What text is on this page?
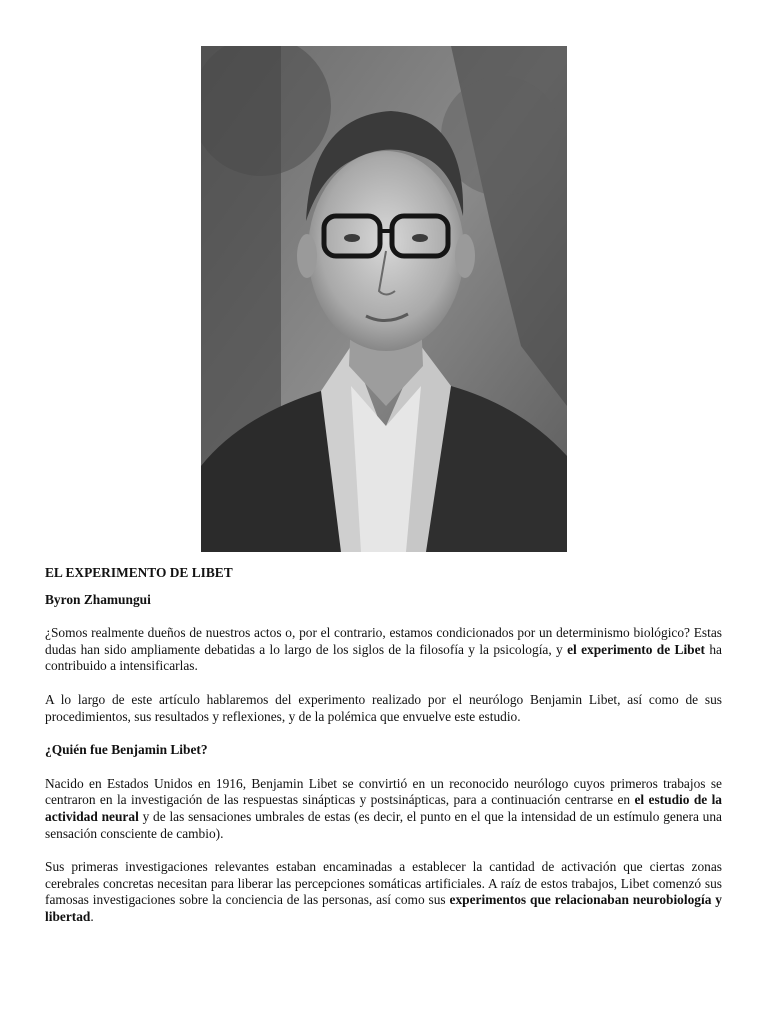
EL EXPERIMENTO DE LIBET

Byron Zhamungui

¿Somos realmente dueños de nuestros actos o, por el contrario, estamos condicionados por un determinismo biológico? Estas dudas han sido ampliamente debatidas a lo largo de los siglos de la filosofía y la psicología, y el experimento de Libet ha contribuido a intensificarlas.

A lo largo de este artículo hablaremos del experimento realizado por el neurólogo Benjamin Libet, así como de sus procedimientos, sus resultados y reflexiones, y de la polémica que envuelve este estudio.

¿Quién fue Benjamin Libet?

Nacido en Estados Unidos en 1916, Benjamin Libet se convirtió en un reconocido neurólogo cuyos primeros trabajos se centraron en la investigación de las respuestas sinápticas y postsinápticas, para a continuación centrarse en el estudio de la actividad neural y de las sensaciones umbrales de estas (es decir, el punto en el que la intensidad de un estímulo genera una sensación consciente de cambio).

Sus primeras investigaciones relevantes estaban encaminadas a establecer la cantidad de activación que ciertas zonas cerebrales concretas necesitan para liberar las percepciones somáticas artificiales. A raíz de estos trabajos, Libet comenzó sus famosas investigaciones sobre la conciencia de las personas, así como sus experimentos que relacionaban neurobiología y libertad.
